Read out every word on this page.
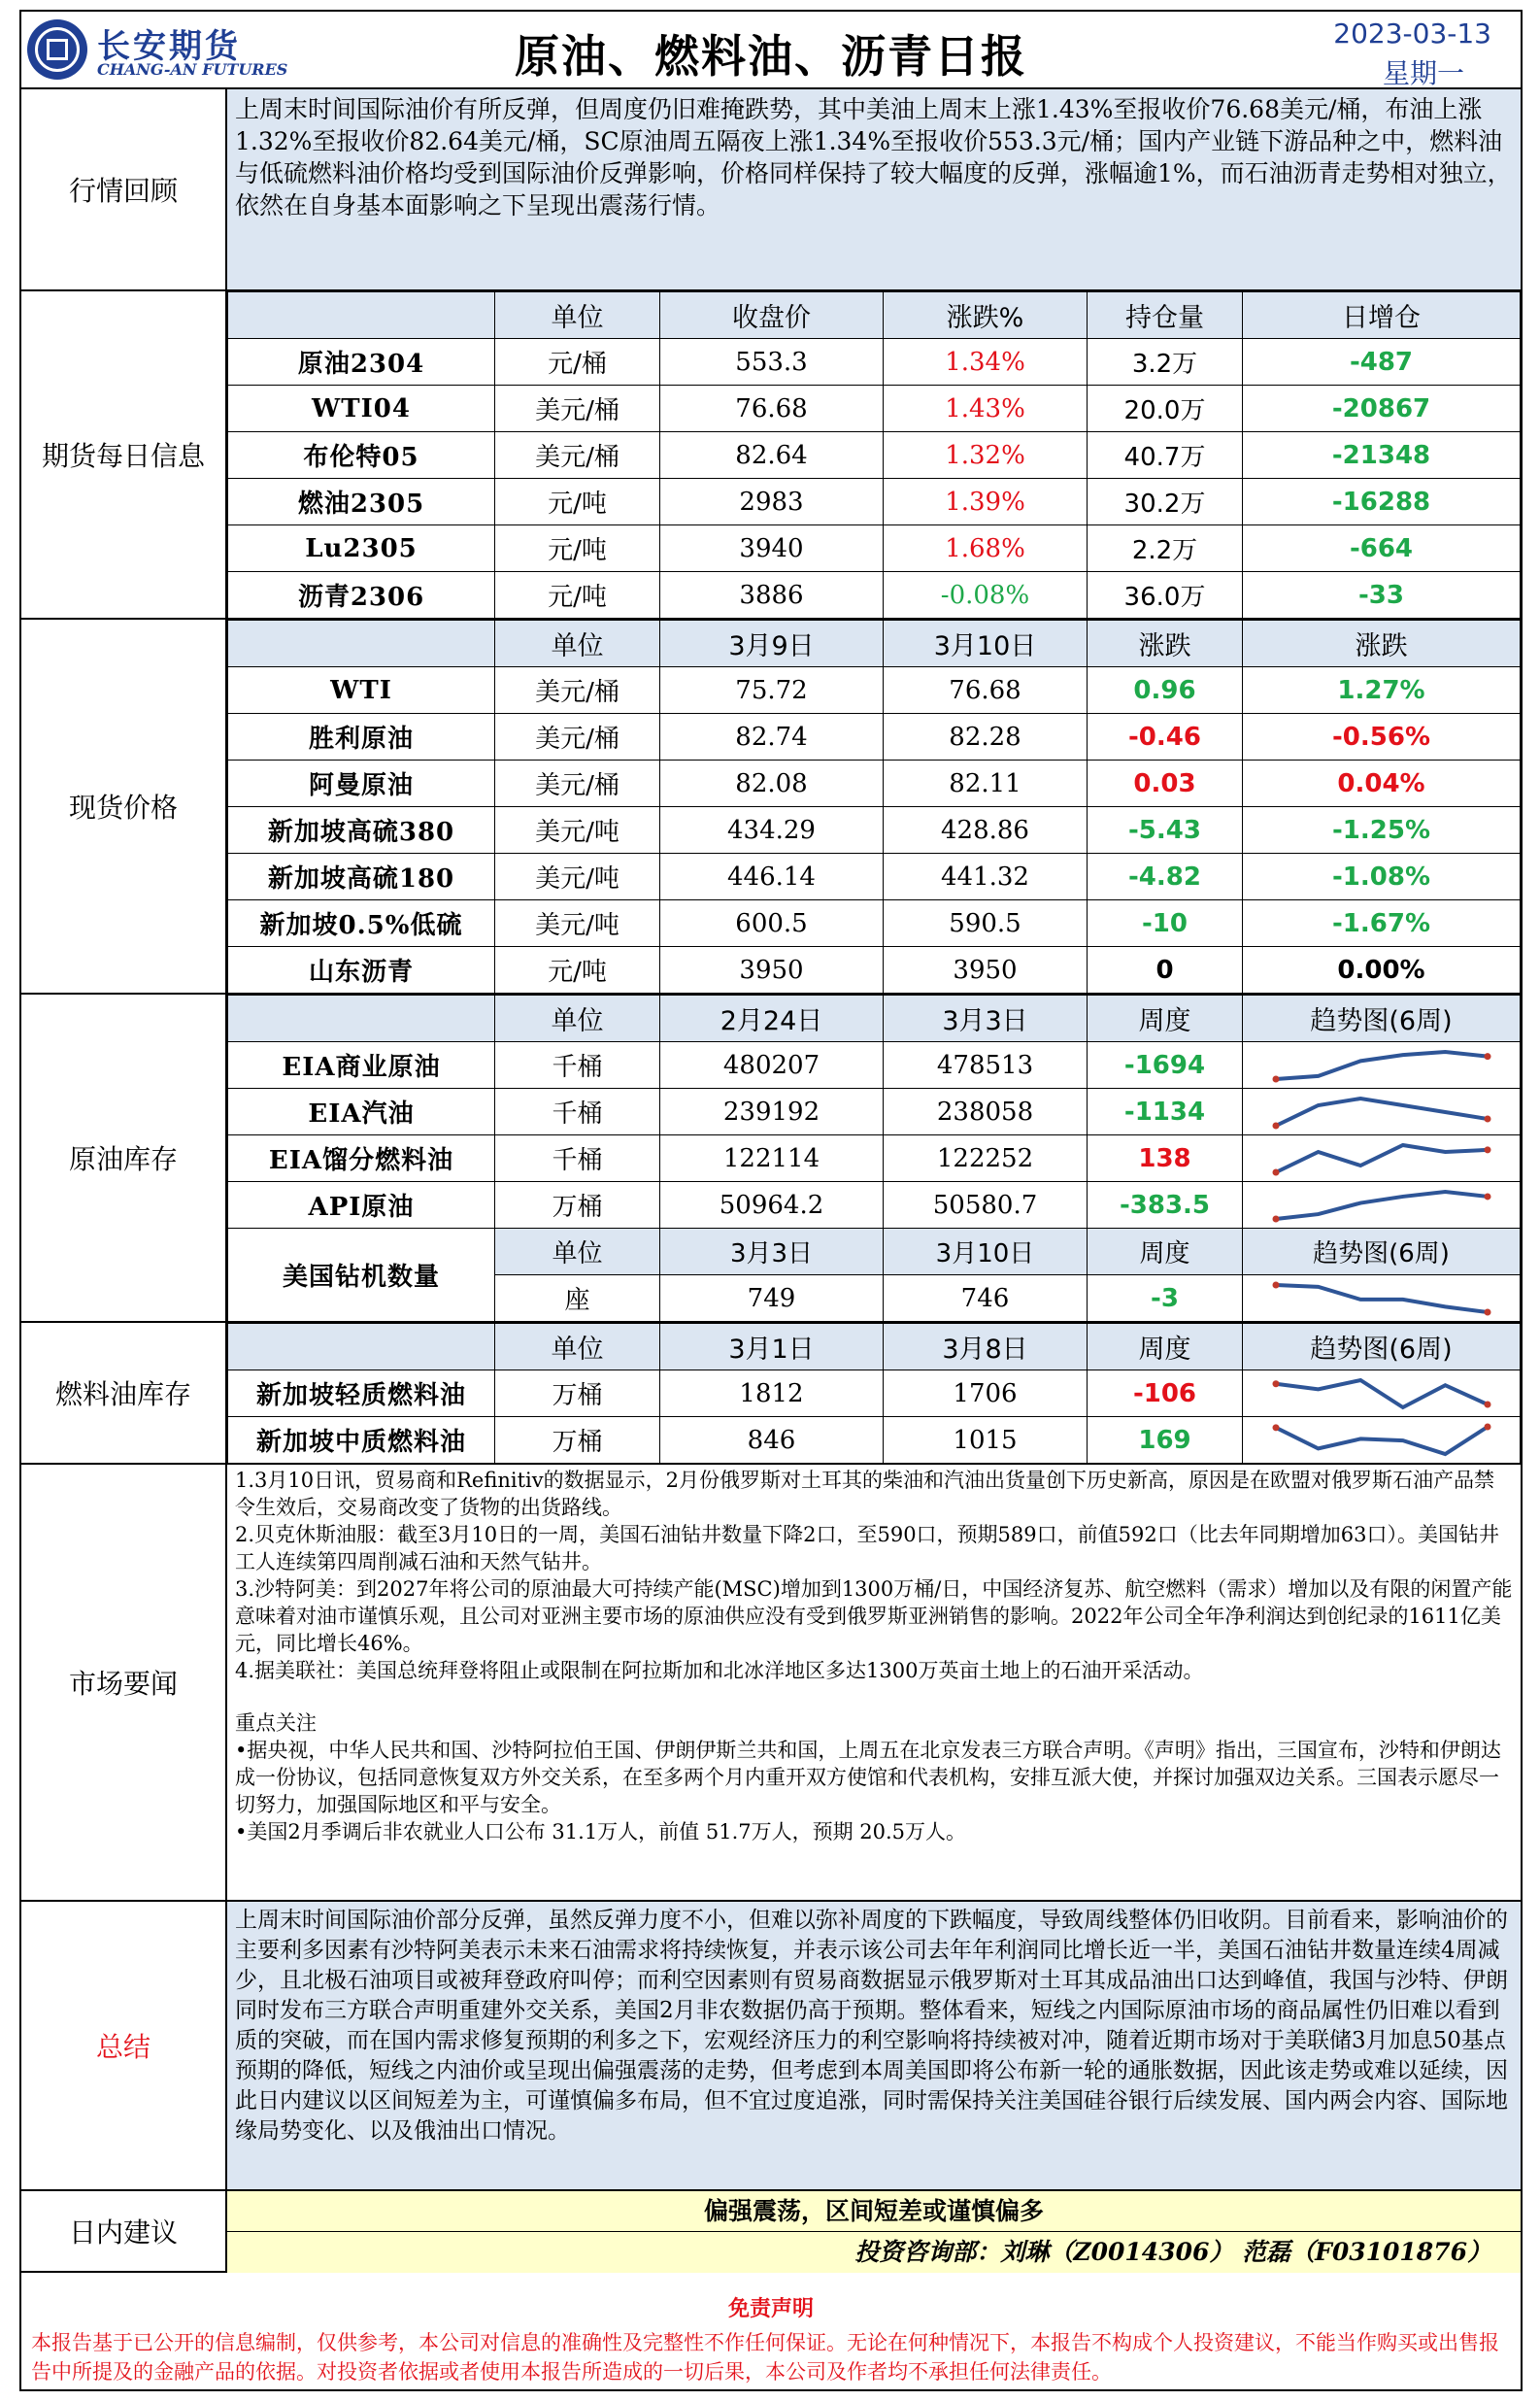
长安期货
CHANG-AN FUTURES	原油、燃料油、沥青日报	2023-03-13
星期一
行情回顾
上周末时间国际油价有所反弹，但周度仍旧难掩跌势，其中美油上周末上涨1.43%至报收价76.68美元/桶，布油上涨1.32%至报收价82.64美元/桶，SC原油周五隔夜上涨1.34%至报收价553.3元/桶；国内产业链下游品种之中，燃料油与低硫燃料油价格均受到国际油价反弹影响，价格同样保持了较大幅度的反弹，涨幅逾1%，而石油沥青走势相对独立，依然在自身基本面影响之下呈现出震荡行情。
期货每日信息
	单位	收盘价	涨跌%	持仓量	日增仓
原油2304	元/桶	553.3	1.34%	3.2万	-487
WTI04	美元/桶	76.68	1.43%	20.0万	-20867
布伦特05	美元/桶	82.64	1.32%	40.7万	-21348
燃油2305	元/吨	2983	1.39%	30.2万	-16288
Lu2305	元/吨	3940	1.68%	2.2万	-664
沥青2306	元/吨	3886	-0.08%	36.0万	-33
现货价格
	单位	3月9日	3月10日	涨跌	涨跌
WTI	美元/桶	75.72	76.68	0.96	1.27%
胜利原油	美元/桶	82.74	82.28	-0.46	-0.56%
阿曼原油	美元/桶	82.08	82.11	0.03	0.04%
新加坡高硫380	美元/吨	434.29	428.86	-5.43	-1.25%
新加坡高硫180	美元/吨	446.14	441.32	-4.82	-1.08%
新加坡0.5%低硫	美元/吨	600.5	590.5	-10	-1.67%
山东沥青	元/吨	3950	3950	0	0.00%
原油库存
	单位	2月24日	3月3日	周度	趋势图(6周)
EIA商业原油	千桶	480207	478513	-1694	

EIA汽油	千桶	239192	238058	-1134	

EIA馏分燃料油	千桶	122114	122252	138	

API原油	万桶	50964.2	50580.7	-383.5	

美国钻机数量	单位	3月3日	3月10日	周度	趋势图(6周)
	座	749	746	-3	
燃料油库存
	单位	3月1日	3月8日	周度	趋势图(6周)
新加坡轻质燃料油	万桶	1812	1706	-106	

新加坡中质燃料油	万桶	846	1015	169	
市场要闻
1.3月10日讯，贸易商和Refinitiv的数据显示，2月份俄罗斯对土耳其的柴油和汽油出货量创下历史新高，原因是在欧盟对俄罗斯石油产品禁令生效后，交易商改变了货物的出货路线。
2.贝克休斯油服：截至3月10日的一周，美国石油钻井数量下降2口，至590口，预期589口，前值592口（比去年同期增加63口）。美国钻井工人连续第四周削减石油和天然气钻井。
3.沙特阿美：到2027年将公司的原油最大可持续产能(MSC)增加到1300万桶/日，中国经济复苏、航空燃料（需求）增加以及有限的闲置产能意味着对油市谨慎乐观，且公司对亚洲主要市场的原油供应没有受到俄罗斯亚洲销售的影响。2022年公司全年净利润达到创纪录的1611亿美元，同比增长46%。
4.据美联社：美国总统拜登将阻止或限制在阿拉斯加和北冰洋地区多达1300万英亩土地上的石油开采活动。
重点关注
•据央视，中华人民共和国、沙特阿拉伯王国、伊朗伊斯兰共和国，上周五在北京发表三方联合声明。《声明》指出，三国宣布，沙特和伊朗达成一份协议，包括同意恢复双方外交关系，在至多两个月内重开双方使馆和代表机构，安排互派大使，并探讨加强双边关系。三国表示愿尽一切努力，加强国际地区和平与安全。
•美国2月季调后非农就业人口公布 31.1万人，前值 51.7万人，预期 20.5万人。
总结
上周末时间国际油价部分反弹，虽然反弹力度不小，但难以弥补周度的下跌幅度，导致周线整体仍旧收阴。目前看来，影响油价的主要利多因素有沙特阿美表示未来石油需求将持续恢复，并表示该公司去年年利润同比增长近一半，美国石油钻井数量连续4周减少，且北极石油项目或被拜登政府叫停；而利空因素则有贸易商数据显示俄罗斯对土耳其成品油出口达到峰值，我国与沙特、伊朗同时发布三方联合声明重建外交关系，美国2月非农数据仍高于预期。整体看来，短线之内国际原油市场的商品属性仍旧难以看到质的突破，而在国内需求修复预期的利多之下，宏观经济压力的利空影响将持续被对冲，随着近期市场对于美联储3月加息50基点预期的降低，短线之内油价或呈现出偏强震荡的走势，但考虑到本周美国即将公布新一轮的通胀数据，因此该走势或难以延续，因此日内建议以区间短差为主，可谨慎偏多布局，但不宜过度追涨，同时需保持关注美国硅谷银行后续发展、国内两会内容、国际地缘局势变化、以及俄油出口情况。
日内建议
偏强震荡，区间短差或谨慎偏多
投资咨询部：刘琳（Z0014306） 范磊（F03101876）
免责声明
本报告基于已公开的信息编制，仅供参考，本公司对信息的准确性及完整性不作任何保证。无论在何种情况下，本报告不构成个人投资建议，不能当作购买或出售报告中所提及的金融产品的依据。对投资者依据或者使用本报告所造成的一切后果，本公司及作者均不承担任何法律责任。
